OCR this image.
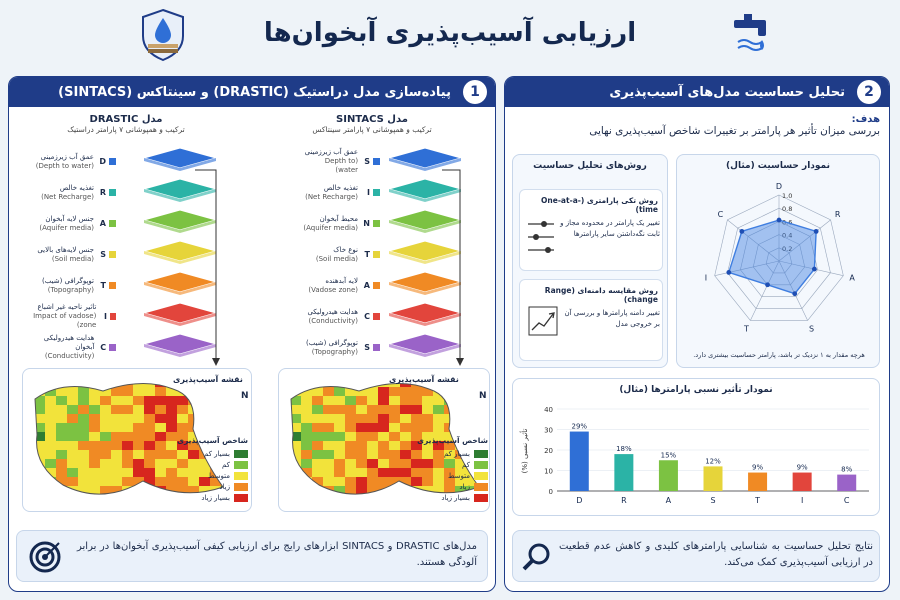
ارزیابی آسیب‌پذیری آبخوان‌ها
1
پیاده‌سازی مدل دراستیک (DRASTIC) و سینتاکس (SINTACS)
مدل SINTACS
ترکیب و همپوشانی ۷ پارامتر سینتاکس
S
عمق آب زیرزمینی
(Depth to water)
I
تغذیه خالص
(Net Recharge)
N
محیط آبخوان
(Aquifer media)
T
نوع خاک
(Soil media)
A
لایه آبدهنده
(Vadose zone)
C
هدایت هیدرولیکی
(Conductivity)
S
توپوگرافی (شیب)
(Topography)
مدل DRASTIC
ترکیب و همپوشانی ۷ پارامتر دراستیک
D
عمق آب زیرزمینی
(Depth to water)
R
تغذیه خالص
(Net Recharge)
A
جنس لایه آبخوان
(Aquifer media)
S
جنس لایه‌های بالایی
(Soil media)
T
توپوگرافی (شیب)
(Topography)
I
تاثیر ناحیه غیر اشباع
(Impact of vadose zone)
C
هدایت هیدرولیکی آبخوان
(Conductivity)
نقشه آسیب‌پذیری
N
نقشه آسیب‌پذیری
N
شاخص آسیب‌پذیری
بسیار کم
کم
متوسط
زیاد
بسیار زیاد
شاخص آسیب‌پذیری
بسیار کم
کم
متوسط
زیاد
بسیار زیاد
مدل‌های DRASTIC و SINTACS ابزارهای رایج برای ارزیابی کیفی آسیب‌پذیری آبخوان‌ها در برابر آلودگی هستند.
2
تحلیل حساسیت مدل‌های آسیب‌پذیری
هدف:
بررسی میزان تأثیر هر پارامتر بر تغییرات شاخص آسیب‌پذیری نهایی
روش‌های تحلیل حساسیت
روش تکی پارامتری (One-at-a-time)
تغییر یک پارامتر در محدوده مجاز و ثابت نگه‌داشتن سایر پارامترها
روش مقایسه دامنه‌ای (Range change)
تغییر دامنه پارامترها و بررسی آن بر خروجی مدل
نمودار حساسیت (مثال)
0.2
0.4
0.6
0.8
1.0
D
R
A
S
T
I
C
هرچه مقدار به ۱ نزدیک تر باشد، پارامتر حساسیت بیشتری دارد.
نمودار تأثیر نسبی پارامترها (مثال)
0
10
20
30
40
تأثیر نسبی (%)
29%
D
18%
R
15%
A
12%
S
9%
T
9%
I
8%
C
نتایج تحلیل حساسیت به شناسایی پارامترهای کلیدی و کاهش عدم قطعیت در ارزیابی آسیب‌پذیری کمک می‌کند.
